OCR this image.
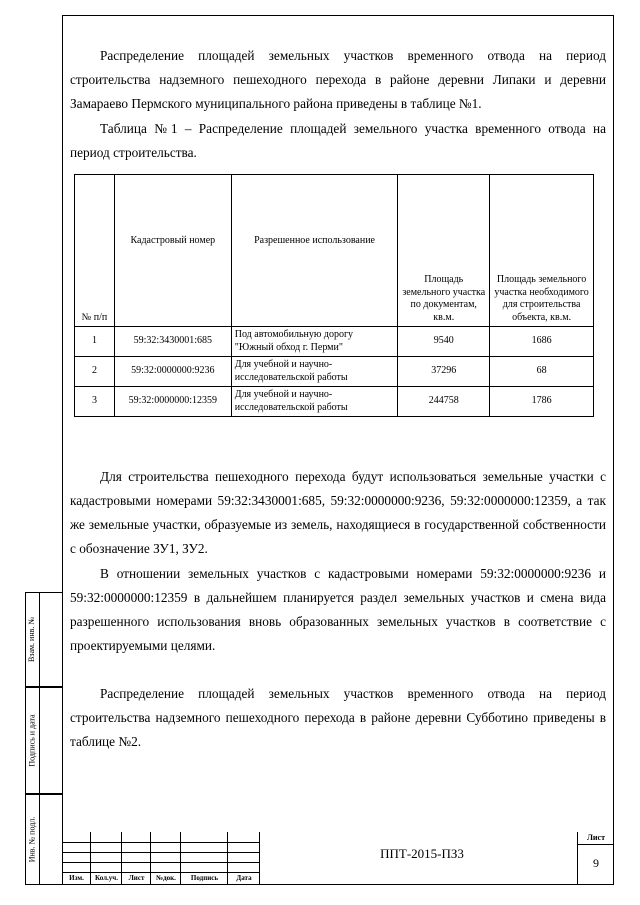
Взам. инв. №
Подпись и дата
Инв. № подл.
Распределение площадей земельных участков временного отвода на период строительства надземного пешеходного перехода в районе деревни Липаки и деревни Замараево Пермского муниципального района приведены в таблице №1.
Таблица №1 – Распределение площадей земельного участка временного отвода на период строительства.
№ п/п	Кадастровый номер	Разрешенное использование	Площадь земельного участка по документам, кв.м.	Площадь земельного участка необходимого для строительства объекта, кв.м.
1	59:32:3430001:685	Под автомобильную дорогу "Южный обход г. Перми"	9540	1686
2	59:32:0000000:9236	Для учебной и научно-исследовательской работы	37296	68
3	59:32:0000000:12359	Для учебной и научно-исследовательской работы	244758	1786
Для строительства пешеходного перехода будут использоваться земельные участки с кадастровыми номерами 59:32:3430001:685, 59:32:0000000:9236, 59:32:0000000:12359, а так же земельные участки, образуемые из земель, находящиеся в государственной собственности с обозначение ЗУ1, ЗУ2.
В отношении земельных участков с кадастровыми номерами 59:32:0000000:9236 и 59:32:0000000:12359 в дальнейшем планируется раздел земельных участков и смена вида разрешенного использования вновь образованных земельных участков в соответствие с проектируемыми целями.
Распределение площадей земельных участков временного отвода на период строительства надземного пешеходного перехода в районе деревни Субботино приведены в таблице №2.
Изм.	Кол.уч.	Лист	№док.	Подпись	Дата
ППТ-2015-ПЗ3
Лист
9
